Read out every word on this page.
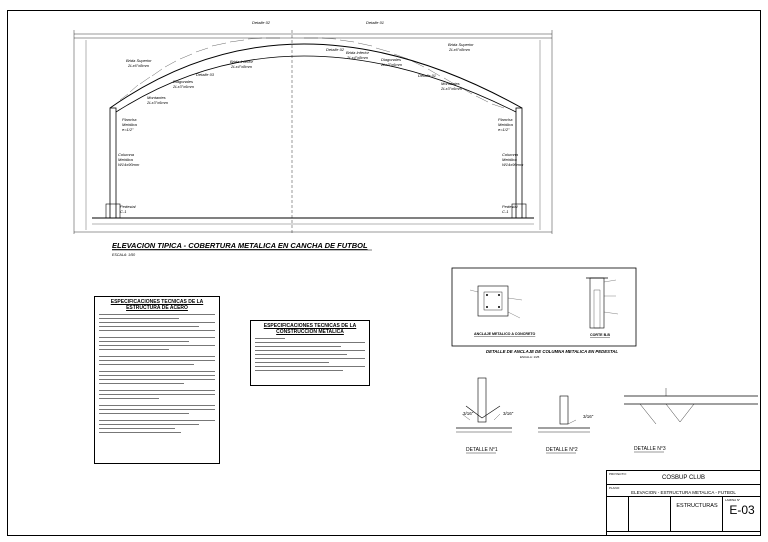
Detalle 02	Detalle 01
Detalle 02
Detalle 01
Detalle 03
Brida Superior
2Lx6"x8mm
Brida Inferior
2Lx4"x8mm
Diagonales
2Lx3"x6mm
Montantes
2Lx3"x6mm
Brida Superior
2Lx6"x8mm
Brida Inferior
2Lx4"x8mm	Diagonales
2Lx3"x6mm
Montantes
2Lx3"x6mm
Plancha
Metálica
e=1/2"
Plancha
Metálica
e=1/2"
Columna
Metálica
W14x90mm
Columna
Metálica
W14x90mm
Pedestal
C-1
Pedestal
C-1
ELEVACION TIPICA - COBERTURA METALICA EN CANCHA DE FUTBOL
ESCALA: 1/50
ANCLAJE METALICO A CONCRETO	CORTE B-B
DETALLE DE ANCLAJE DE COLUMNA METALICA EN PEDESTAL
ESCALA: 1/25
3/16"	3/16"
DETALLE N°1
3/16"
DETALLE N°2	DETALLE N°3
ESPECIFICACIONES TECNICAS DE LA
ESTRUCTURA DE ACERO
ESPECIFICACIONES TECNICAS DE LA
CONSTRUCCION METALICA
PROYECTO:
COSBUP CLUB
PLANO:
ELEVACION - ESTRUCTURA METALICA - FUTBOL
ESTRUCTURAS
LAMINA N°
E-03
